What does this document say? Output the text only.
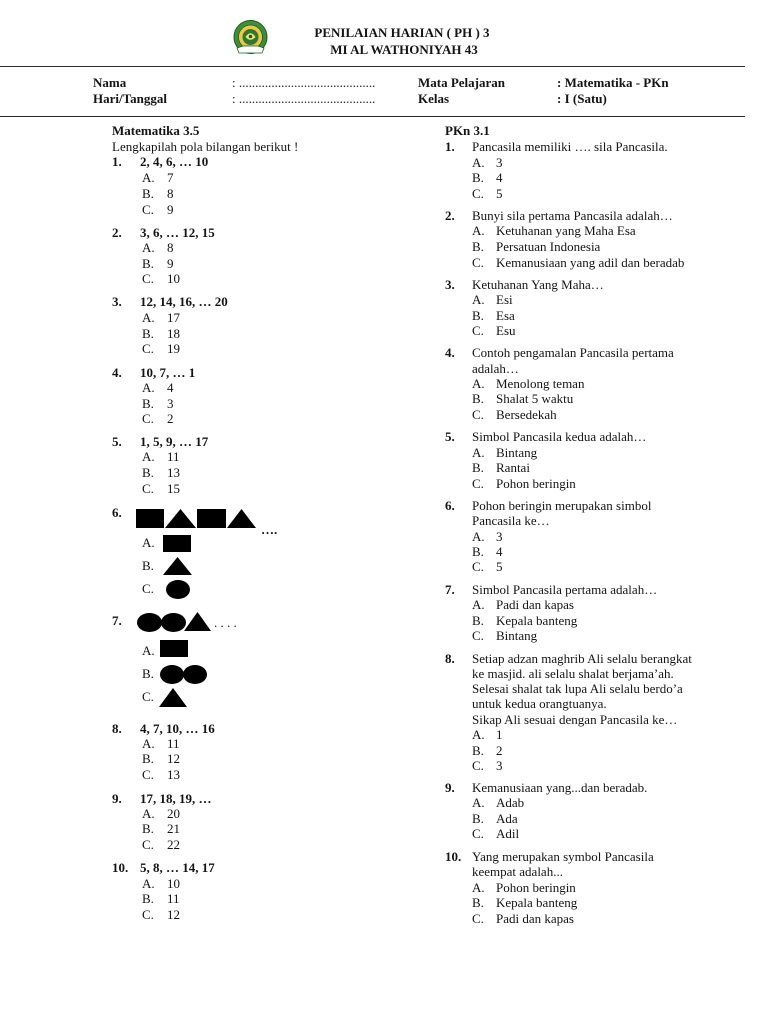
PENILAIAN HARIAN ( PH ) 3
MI AL WATHONIYAH 43
Nama	: ..........................................
Hari/Tanggal	: ..........................................
Mata Pelajaran	: Matematika - PKn
Kelas	: I (Satu)
Matematika 3.5
Lengkapilah pola bilangan berikut !
1. 2, 4, 6, … 10
A. 7
B. 8
C. 9
2. 3, 6, … 12, 15
A. 8
B. 9
C. 10
3. 12, 14, 16, … 20
A. 17
B. 18
C. 19
4. 10, 7, … 1
A. 4
B. 3
C. 2
5. 1, 5, 9, … 17
A. 11
B. 13
C. 15
6.
….
A.
B.
C.
7.	. . . .
A.
B.
C.
8. 4, 7, 10, … 16
A. 11
B. 12
C. 13
9. 17, 18, 19, …
A. 20
B. 21
C. 22
10. 5, 8, … 14, 17
A. 10
B. 11
C. 12
PKn 3.1
1. Pancasila memiliki …. sila Pancasila.
A. 3
B. 4
C. 5
2. Bunyi sila pertama Pancasila adalah…
A. Ketuhanan yang Maha Esa
B. Persatuan Indonesia
C. Kemanusiaan yang adil dan beradab
3. Ketuhanan Yang Maha…
A. Esi
B. Esa
C. Esu
4. Contoh pengamalan Pancasila pertama
adalah…
A. Menolong teman
B. Shalat 5 waktu
C. Bersedekah
5. Simbol Pancasila kedua adalah…
A. Bintang
B. Rantai
C. Pohon beringin
6. Pohon beringin merupakan simbol
Pancasila ke…
A. 3
B. 4
C. 5
7. Simbol Pancasila pertama adalah…
A. Padi dan kapas
B. Kepala banteng
C. Bintang
8. Setiap adzan maghrib Ali selalu berangkat
ke masjid. ali selalu shalat berjama’ah.
Selesai shalat tak lupa Ali selalu berdo’a
untuk kedua orangtuanya.
Sikap Ali sesuai dengan Pancasila ke…
A. 1
B. 2
C. 3
9. Kemanusiaan yang...dan beradab.
A. Adab
B. Ada
C. Adil
10. Yang merupakan symbol Pancasila
keempat adalah...
A. Pohon beringin
B. Kepala banteng
C. Padi dan kapas
